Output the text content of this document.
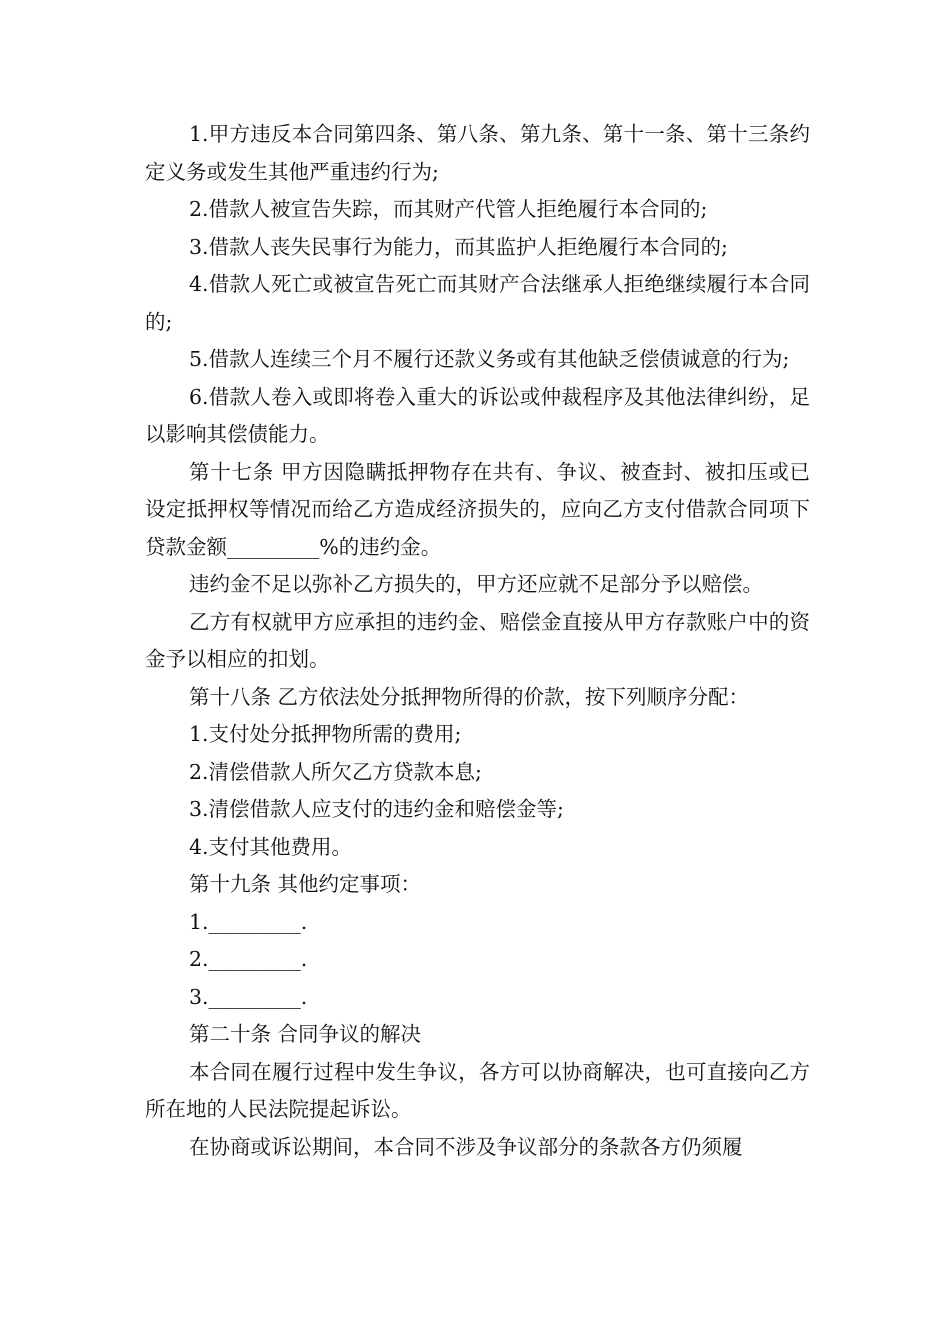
1.甲方违反本合同第四条、第八条、第九条、第十一条、第十三条约定义务或发生其他严重违约行为;

2.借款人被宣告失踪，而其财产代管人拒绝履行本合同的;

3.借款人丧失民事行为能力，而其监护人拒绝履行本合同的;

4.借款人死亡或被宣告死亡而其财产合法继承人拒绝继续履行本合同的;

5.借款人连续三个月不履行还款义务或有其他缺乏偿债诚意的行为;

6.借款人卷入或即将卷入重大的诉讼或仲裁程序及其他法律纠纷，足以影响其偿债能力。

第十七条 甲方因隐瞒抵押物存在共有、争议、被查封、被扣压或已设定抵押权等情况而给乙方造成经济损失的，应向乙方支付借款合同项下贷款金额_________%的违约金。

违约金不足以弥补乙方损失的，甲方还应就不足部分予以赔偿。

乙方有权就甲方应承担的违约金、赔偿金直接从甲方存款账户中的资金予以相应的扣划。

第十八条 乙方依法处分抵押物所得的价款，按下列顺序分配：

1.支付处分抵押物所需的费用;

2.清偿借款人所欠乙方贷款本息;

3.清偿借款人应支付的违约金和赔偿金等;

4.支付其他费用。

第十九条 其他约定事项：

1._________.

2._________.

3._________.

第二十条 合同争议的解决

本合同在履行过程中发生争议，各方可以协商解决，也可直接向乙方所在地的人民法院提起诉讼。

在协商或诉讼期间，本合同不涉及争议部分的条款各方仍须履
